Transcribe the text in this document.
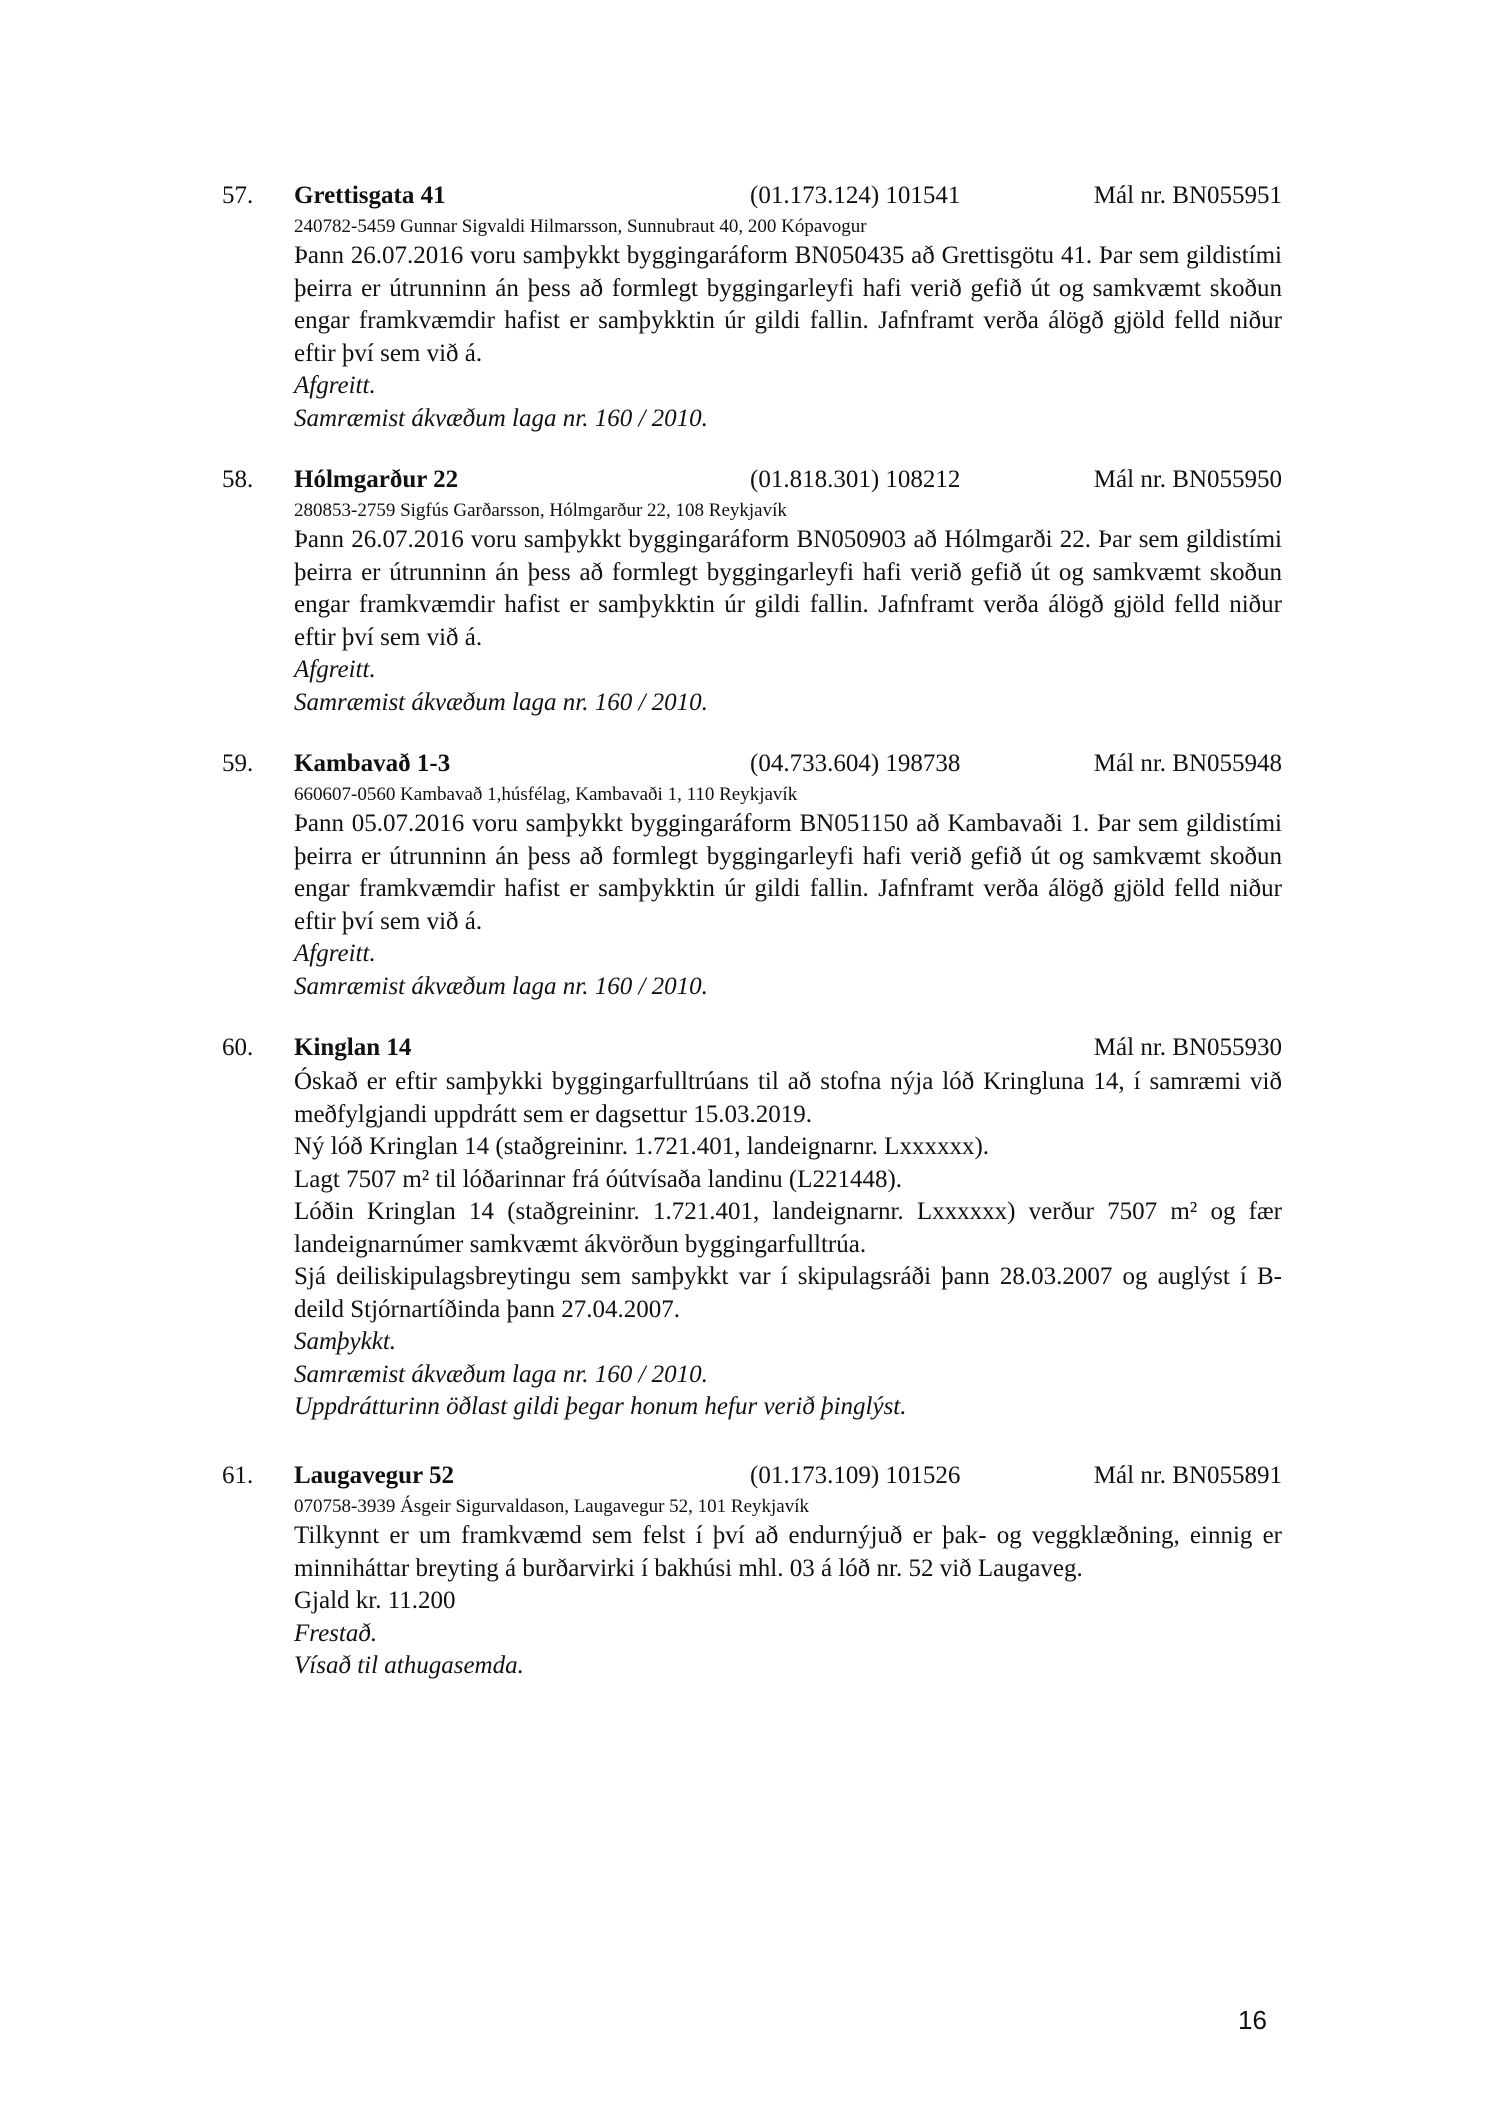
57. Grettisgata 41	(01.173.124) 101541	Mál nr. BN055951
240782-5459 Gunnar Sigvaldi Hilmarsson, Sunnubraut 40, 200 Kópavogur
Þann 26.07.2016 voru samþykkt byggingaráform BN050435 að Grettisgötu 41. Þar sem gildistími þeirra er útrunninn án þess að formlegt byggingarleyfi hafi verið gefið út og samkvæmt skoðun engar framkvæmdir hafist er samþykktin úr gildi fallin. Jafnframt verða álögð gjöld felld niður eftir því sem við á.
Afgreitt.
Samræmist ákvæðum laga nr. 160 / 2010.
58. Hólmgarður 22	(01.818.301) 108212	Mál nr. BN055950
280853-2759 Sigfús Garðarsson, Hólmgarður 22, 108 Reykjavík
Þann 26.07.2016 voru samþykkt byggingaráform BN050903 að Hólmgarði 22. Þar sem gildistími þeirra er útrunninn án þess að formlegt byggingarleyfi hafi verið gefið út og samkvæmt skoðun engar framkvæmdir hafist er samþykktin úr gildi fallin. Jafnframt verða álögð gjöld felld niður eftir því sem við á.
Afgreitt.
Samræmist ákvæðum laga nr. 160 / 2010.
59. Kambavað 1-3	(04.733.604) 198738	Mál nr. BN055948
660607-0560 Kambavað 1,húsfélag, Kambavaði 1, 110 Reykjavík
Þann 05.07.2016 voru samþykkt byggingaráform BN051150 að Kambavaði 1. Þar sem gildistími þeirra er útrunninn án þess að formlegt byggingarleyfi hafi verið gefið út og samkvæmt skoðun engar framkvæmdir hafist er samþykktin úr gildi fallin. Jafnframt verða álögð gjöld felld niður eftir því sem við á.
Afgreitt.
Samræmist ákvæðum laga nr. 160 / 2010.
60. Kinglan 14	Mál nr. BN055930
Óskað er eftir samþykki byggingarfulltrúans til að stofna nýja lóð Kringluna 14, í samræmi við meðfylgjandi uppdrátt sem er dagsettur 15.03.2019.
Ný lóð Kringlan 14 (staðgreininr. 1.721.401, landeignarnr. Lxxxxxx).
Lagt 7507 m² til lóðarinnar frá óútvísaða landinu (L221448).
Lóðin Kringlan 14 (staðgreininr. 1.721.401, landeignarnr. Lxxxxxx) verður 7507 m² og fær landeignarnúmer samkvæmt ákvörðun byggingarfulltrúa.
Sjá deiliskipulagsbreytingu sem samþykkt var í skipulagsráði þann 28.03.2007 og auglýst í B-deild Stjórnartíðinda þann 27.04.2007.
Samþykkt.
Samræmist ákvæðum laga nr. 160 / 2010.
Uppdrátturinn öðlast gildi þegar honum hefur verið þinglýst.
61. Laugavegur 52	(01.173.109) 101526	Mál nr. BN055891
070758-3939 Ásgeir Sigurvaldason, Laugavegur 52, 101 Reykjavík
Tilkynnt er um framkvæmd sem felst í því að endurnýjuð er þak- og veggklæðning, einnig er minniháttar breyting á burðarvirki í bakhúsi mhl. 03 á lóð nr. 52 við Laugaveg.
Gjald kr. 11.200
Frestað.
Vísað til athugasemda.
16
